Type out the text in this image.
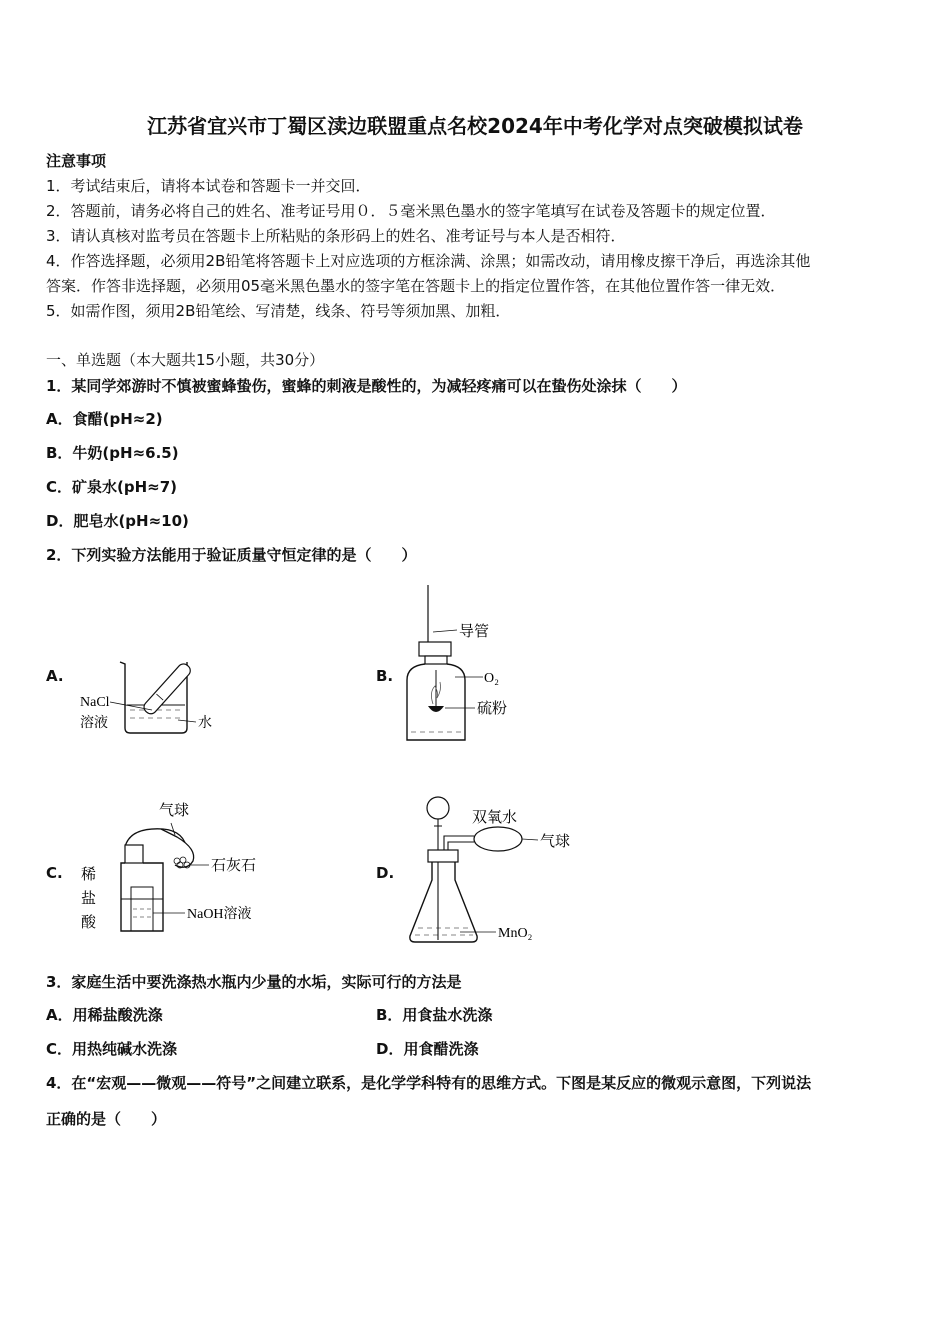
江苏省宜兴市丁蜀区渎边联盟重点名校2024年中考化学对点突破模拟试卷
注意事项
1．考试结束后，请将本试卷和答题卡一并交回．
2．答题前，请务必将自己的姓名、准考证号用０．５毫米黑色墨水的签字笔填写在试卷及答题卡的规定位置．
3．请认真核对监考员在答题卡上所粘贴的条形码上的姓名、准考证号与本人是否相符．
4．作答选择题，必须用2B铅笔将答题卡上对应选项的方框涂满、涂黑；如需改动，请用橡皮擦干净后，再选涂其他
答案．作答非选择题，必须用05毫米黑色墨水的签字笔在答题卡上的指定位置作答，在其他位置作答一律无效．
5．如需作图，须用2B铅笔绘、写清楚，线条、符号等须加黑、加粗．
一、单选题（本大题共15小题，共30分）
1．某同学郊游时不慎被蜜蜂蛰伤，蜜蜂的刺液是酸性的，为减轻疼痛可以在蛰伤处涂抹（　　）
A．食醋(pH≈2)
B．牛奶(pH≈6.5)
C．矿泉水(pH≈7)
D．肥皂水(pH≈10)
2．下列实验方法能用于验证质量守恒定律的是（　　）
A.	B.
C.	D.
NaCl
溶液	水
导管
O₂
硫粉
气球
石灰石
稀
盐
酸
NaOH溶液
双氧水
气球
MnO₂
3．家庭生活中要洗涤热水瓶内少量的水垢，实际可行的方法是
A．用稀盐酸洗涤	B．用食盐水洗涤
C．用热纯碱水洗涤	D．用食醋洗涤
4．在“宏观——微观——符号”之间建立联系，是化学学科特有的思维方式。下图是某反应的微观示意图，下列说法
正确的是（　　）
